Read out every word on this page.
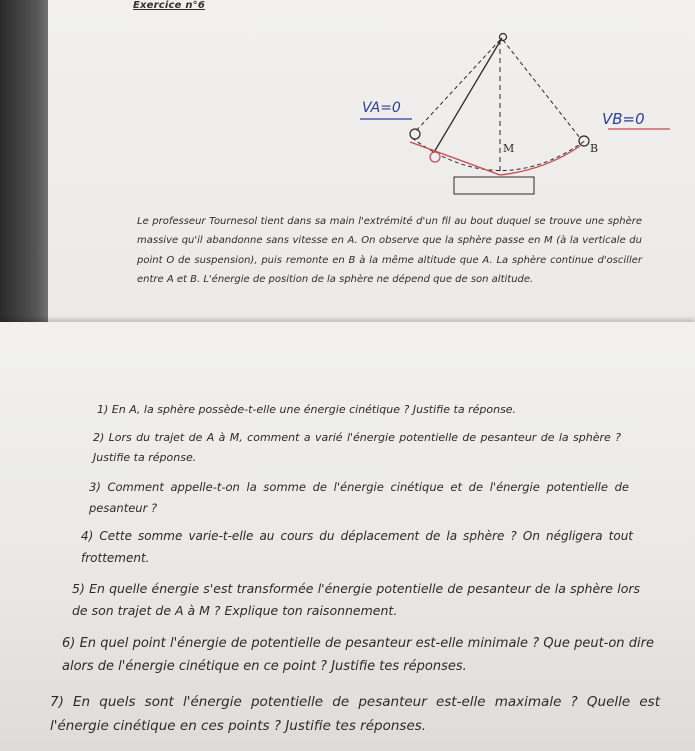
Exercice n°6
M	B
VA=0
VB=0
Le professeur Tournesol tient dans sa main l'extrémité d'un fil au bout duquel se trouve une sphère massive qu'il abandonne sans vitesse en A. On observe que la sphère passe en M (à la verticale du point O de suspension), puis remonte en B à la même altitude que A. La sphère continue d'osciller entre A et B. L'énergie de position de la sphère ne dépend que de son altitude.
1) En A, la sphère possède-t-elle une énergie cinétique ? Justifie ta réponse.
2) Lors du trajet de A à M, comment a varié l'énergie potentielle de pesanteur de la sphère ? Justifie ta réponse.
3) Comment appelle-t-on la somme de l'énergie cinétique et de l'énergie potentielle de pesanteur ?
4) Cette somme varie-t-elle au cours du déplacement de la sphère ? On négligera tout frottement.
5) En quelle énergie s'est transformée l'énergie potentielle de pesanteur de la sphère lors de son trajet de A à M ? Explique ton raisonnement.
6) En quel point l'énergie de potentielle de pesanteur est-elle minimale ? Que peut-on dire alors de l'énergie cinétique en ce point ? Justifie tes réponses.
7) En quels sont l'énergie potentielle de pesanteur est-elle maximale ? Quelle est l'énergie cinétique en ces points ? Justifie tes réponses.
